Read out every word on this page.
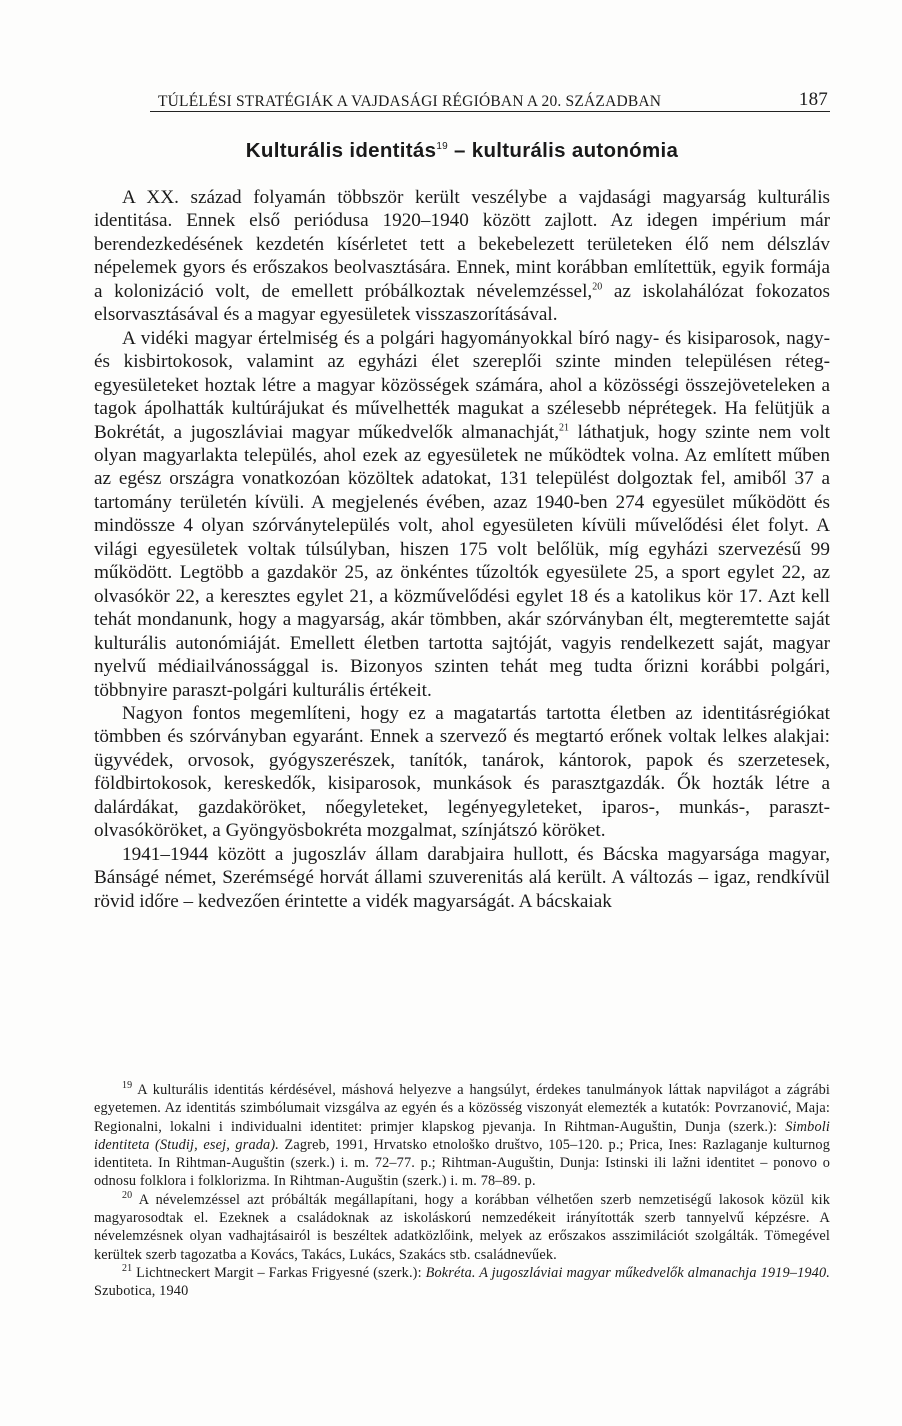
TÚLÉLÉSI STRATÉGIÁK A VAJDASÁGI RÉGIÓBAN A 20. SZÁZADBAN	187
Kulturális identitás$^{19}$ – kulturális autonómia

A XX. század folyamán többször került veszélybe a vajdasági magyarság kulturális identitása. Ennek első periódusa 1920–1940 között zajlott. Az idegen impérium már berendezkedésének kezdetén kísérletet tett a bekebelezett területeken élő nem délszláv népelemek gyors és erőszakos beolvasztására. Ennek, mint korábban említettük, egyik formája a kolonizáció volt, de emellett próbálkoztak névelemzéssel,$^{20}$ az iskolahálózat fokozatos elsorvasztásával és a magyar egyesületek visszaszorításával.

A vidéki magyar értelmiség és a polgári hagyományokkal bíró nagy- és kisiparosok, nagy- és kisbirtokosok, valamint az egyházi élet szereplői szinte minden településen réteg-egyesületeket hoztak létre a magyar közösségek számára, ahol a közösségi összejöveteleken a tagok ápolhatták kultúrájukat és művelhették magukat a szélesebb néprétegek. Ha felütjük a Bokrétát, a jugoszláviai magyar műkedvelők almanachját,$^{21}$ láthatjuk, hogy szinte nem volt olyan magyarlakta település, ahol ezek az egyesületek ne működtek volna. Az említett műben az egész országra vonatkozóan közöltek adatokat, 131 települést dolgoztak fel, amiből 37 a tartomány területén kívüli. A megjelenés évében, azaz 1940-ben 274 egyesület működött és mindössze 4 olyan szórványtelepülés volt, ahol egyesületen kívüli művelődési élet folyt. A világi egyesületek voltak túlsúlyban, hiszen 175 volt belőlük, míg egyházi szervezésű 99 működött. Legtöbb a gazdakör 25, az önkéntes tűzoltók egyesülete 25, a sport egylet 22, az olvasókör 22, a keresztes egylet 21, a közművelődési egylet 18 és a katolikus kör 17. Azt kell tehát mondanunk, hogy a magyarság, akár tömbben, akár szórványban élt, megteremtette saját kulturális autonómiáját. Emellett életben tartotta sajtóját, vagyis rendelkezett saját, magyar nyelvű médiailvánossággal is. Bizonyos szinten tehát meg tudta őrizni korábbi polgári, többnyire paraszt-polgári kulturális értékeit.

Nagyon fontos megemlíteni, hogy ez a magatartás tartotta életben az identitásrégiókat tömbben és szórványban egyaránt. Ennek a szervező és megtartó erőnek voltak lelkes alakjai: ügyvédek, orvosok, gyógyszerészek, tanítók, tanárok, kántorok, papok és szerzetesek, földbirtokosok, kereskedők, kisiparosok, munkások és parasztgazdák. Ők hozták létre a dalárdákat, gazdaköröket, nőegyleteket, legényegyleteket, iparos-, munkás-, paraszt- olvasóköröket, a Gyöngyösbokréta mozgalmat, színjátszó köröket.

1941–1944 között a jugoszláv állam darabjaira hullott, és Bácska magyarsága magyar, Bánságé német, Szerémségé horvát állami szuverenitás alá került. A változás – igaz, rendkívül rövid időre – kedvezően érintette a vidék magyarságát. A bácskaiak

$^{19}$ A kulturális identitás kérdésével, máshová helyezve a hangsúlyt, érdekes tanulmányok láttak napvilágot a zágrábi egyetemen. Az identitás szimbólumait vizsgálva az egyén és a közösség viszonyát elemezték a kutatók: Povrzanović, Maja: Regionalni, lokalni i individualni identitet: primjer klapskog pjevanja. In Rihtman-Auguštin, Dunja (szerk.): Simboli identiteta (Studij, esej, grada). Zagreb, 1991, Hrvatsko etnološko društvo, 105–120. p.; Prica, Ines: Razlaganje kulturnog identiteta. In Rihtman-Auguštin (szerk.) i. m. 72–77. p.; Rihtman-Auguštin, Dunja: Istinski ili lažni identitet – ponovo o odnosu folklora i folklorizma. In Rihtman-Auguštin (szerk.) i. m. 78–89. p.

$^{20}$ A névelemzéssel azt próbálták megállapítani, hogy a korábban vélhetően szerb nemzetiségű lakosok közül kik magyarosodtak el. Ezeknek a családoknak az iskoláskorú nemzedékeit irányították szerb tannyelvű képzésre. A névelemzésnek olyan vadhajtásairól is beszéltek adatközlőink, melyek az erőszakos asszimilációt szolgálták. Tömegével kerültek szerb tagozatba a Kovács, Takács, Lukács, Szakács stb. családnevűek.

$^{21}$ Lichtneckert Margit – Farkas Frigyesné (szerk.): Bokréta. A jugoszláviai magyar műkedvelők almanachja 1919–1940. Szubotica, 1940
